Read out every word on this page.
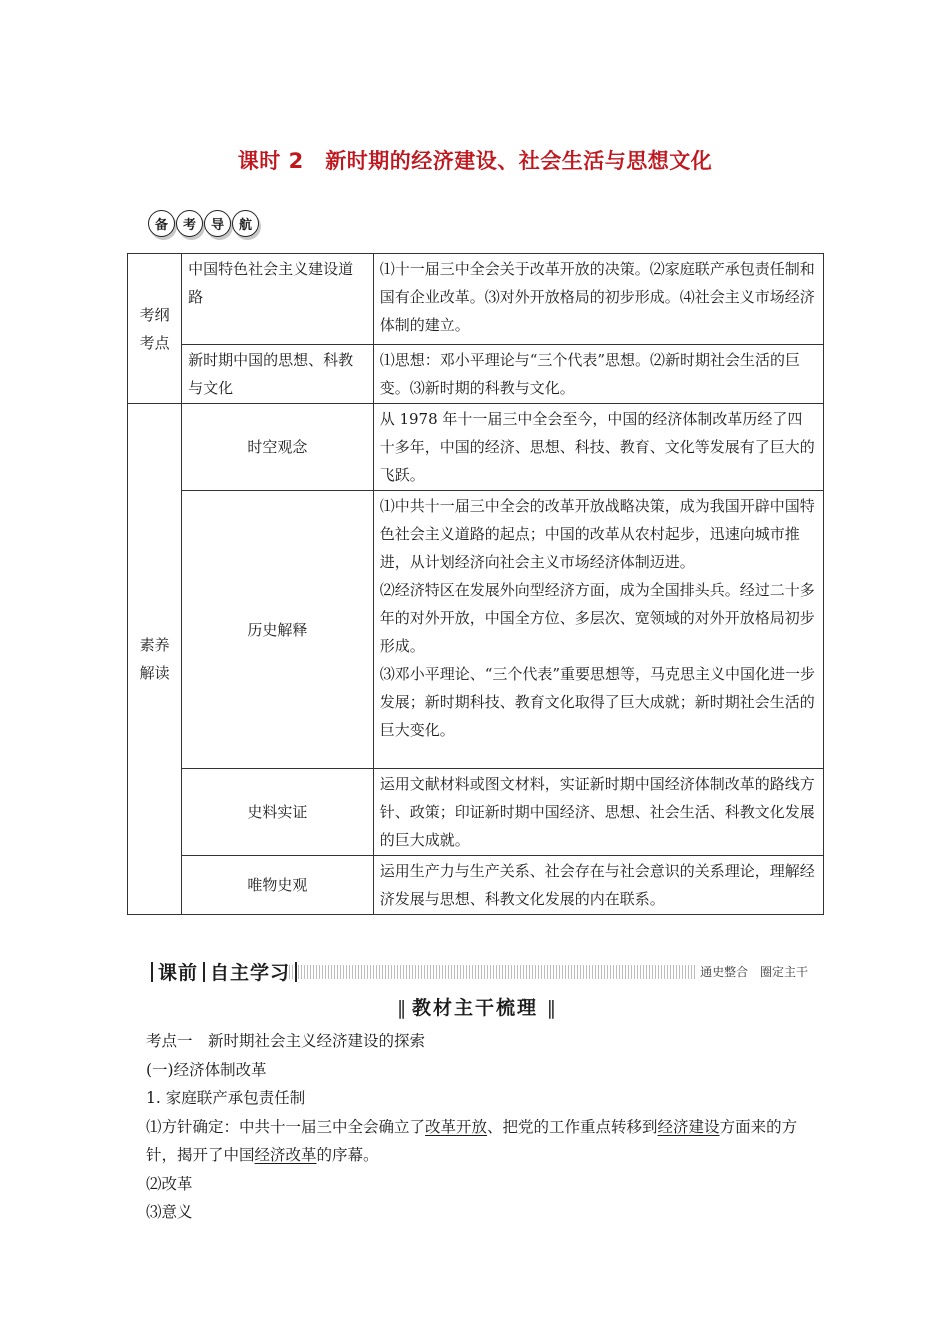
课时 2　新时期的经济建设、社会生活与思想文化
备	考	导	航
考纲
考点	中国特色社会主义建设道路	⑴十一届三中全会关于改革开放的决策。⑵家庭联产承包责任制和国有企业改革。⑶对外开放格局的初步形成。⑷社会主义市场经济体制的建立。
	新时期中国的思想、科教与文化	⑴思想：邓小平理论与“三个代表”思想。⑵新时期社会生活的巨变。⑶新时期的科教与文化。
素养
解读	时空观念	从 1978 年十一届三中全会至今，中国的经济体制改革历经了四十多年，中国的经济、思想、科技、教育、文化等发展有了巨大的飞跃。
	历史解释	⑴中共十一届三中全会的改革开放战略决策，成为我国开辟中国特色社会主义道路的起点；中国的改革从农村起步，迅速向城市推进，从计划经济向社会主义市场经济体制迈进。
⑵经济特区在发展外向型经济方面，成为全国排头兵。经过二十多年的对外开放，中国全方位、多层次、宽领域的对外开放格局初步形成。
⑶邓小平理论、“三个代表”重要思想等，马克思主义中国化进一步发展；新时期科技、教育文化取得了巨大成就；新时期社会生活的巨大变化。

	史料实证	运用文献材料或图文材料，实证新时期中国经济体制改革的路线方针、政策；印证新时期中国经济、思想、社会生活、科教文化发展的巨大成就。
	唯物史观	运用生产力与生产关系、社会存在与社会意识的关系理论，理解经济发展与思想、科教文化发展的内在联系。
课前 自主学习	通史整合 圈定主干
‖ 教材主干梳理 ‖

考点一　新时期社会主义经济建设的探索

(一)经济体制改革

1. 家庭联产承包责任制

⑴方针确定：中共十一届三中全会确立了改革开放、把党的工作重点转移到经济建设方面来的方针，揭开了中国经济改革的序幕。

⑵改革

⑶意义
